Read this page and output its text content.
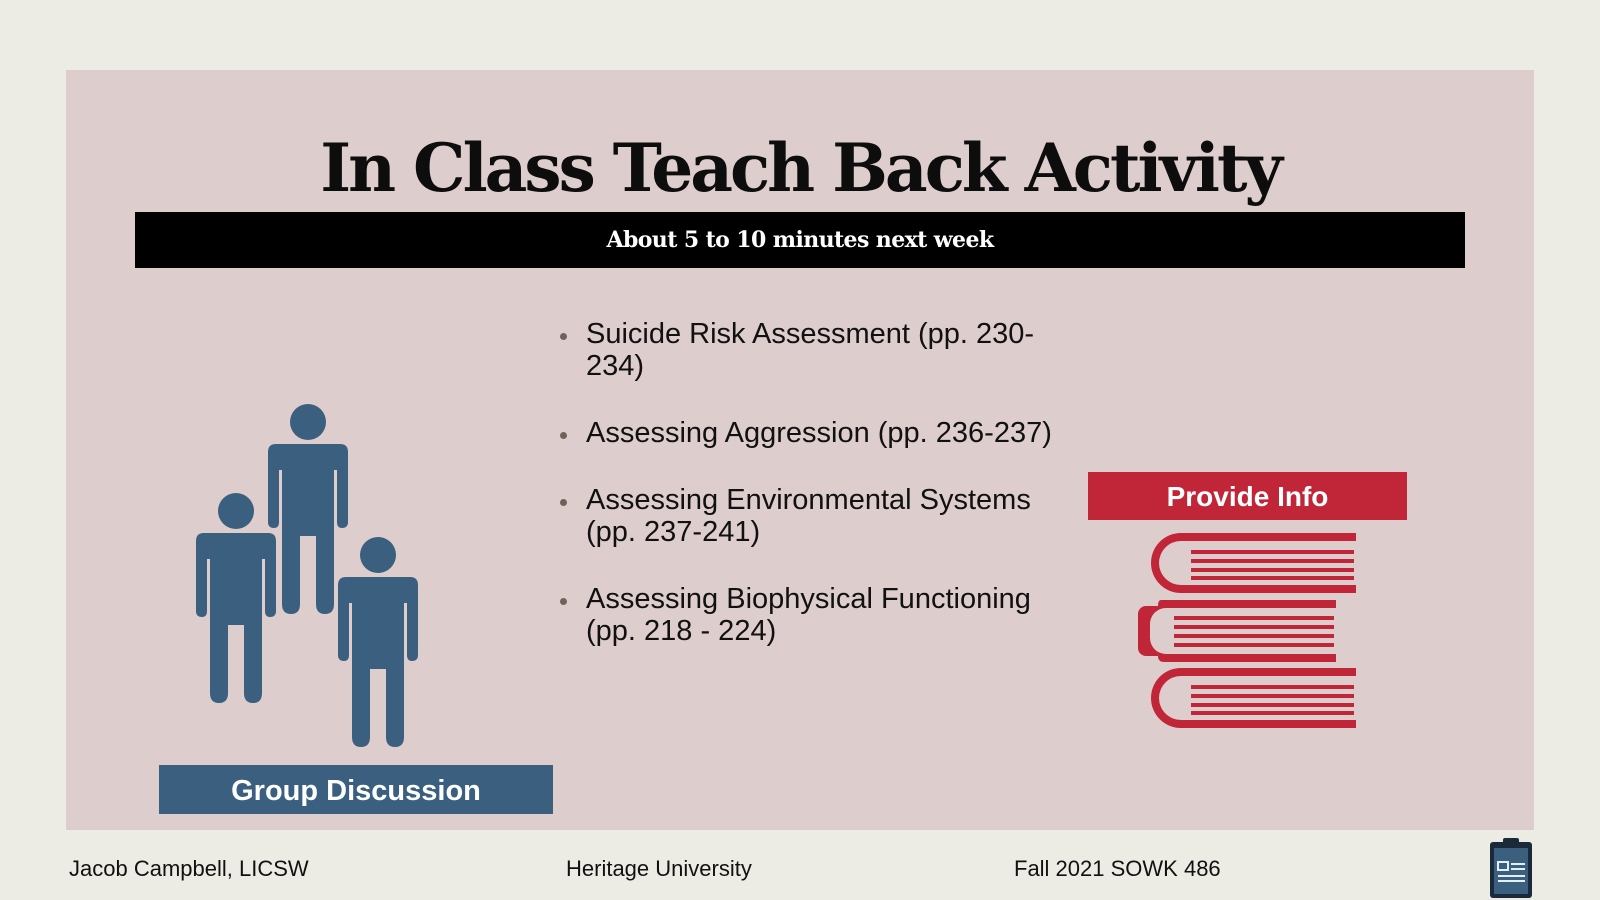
In Class Teach Back Activity
About 5 to 10 minutes next week
Suicide Risk Assessment (pp. 230-234)
Assessing Aggression (pp. 236-237)
Assessing Environmental Systems (pp. 237-241)
Assessing Biophysical Functioning (pp. 218 - 224)
Group Discussion
Provide Info
Jacob Campbell, LICSW	Heritage University	Fall 2021 SOWK 486
